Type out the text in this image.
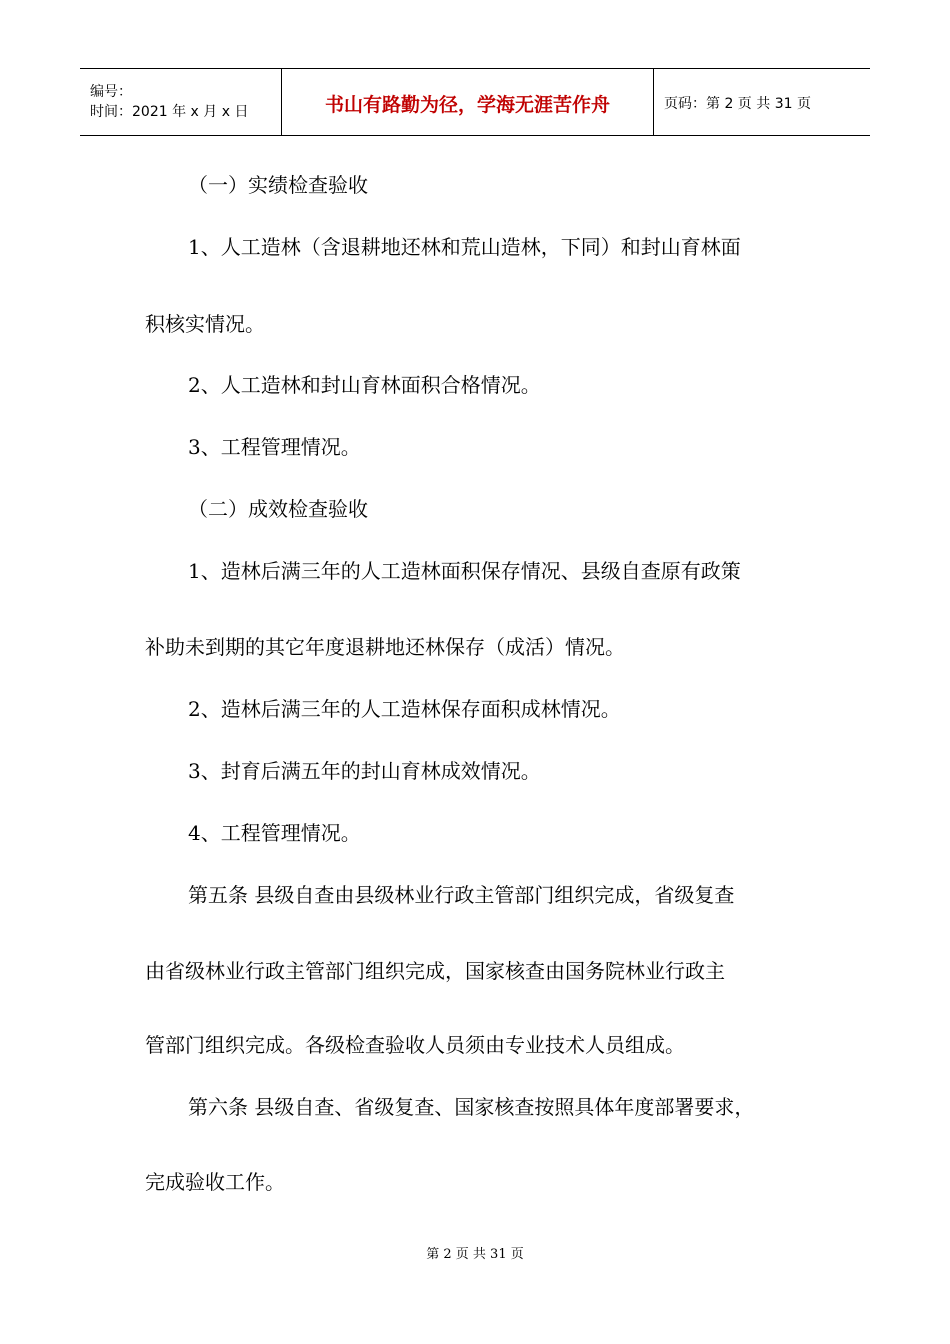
编号：
时间：2021 年 x 月 x 日	书山有路勤为径，学海无涯苦作舟	页码：第 2 页 共 31 页
（一）实绩检查验收
1、人工造林（含退耕地还林和荒山造林，下同）和封山育林面
积核实情况。
2、人工造林和封山育林面积合格情况。
3、工程管理情况。
（二）成效检查验收
1、造林后满三年的人工造林面积保存情况、县级自查原有政策
补助未到期的其它年度退耕地还林保存（成活）情况。
2、造林后满三年的人工造林保存面积成林情况。
3、封育后满五年的封山育林成效情况。
4、工程管理情况。
第五条 县级自查由县级林业行政主管部门组织完成，省级复查
由省级林业行政主管部门组织完成，国家核查由国务院林业行政主
管部门组织完成。各级检查验收人员须由专业技术人员组成。
第六条 县级自查、省级复查、国家核查按照具体年度部署要求，
完成验收工作。
第 2 页 共 31 页
